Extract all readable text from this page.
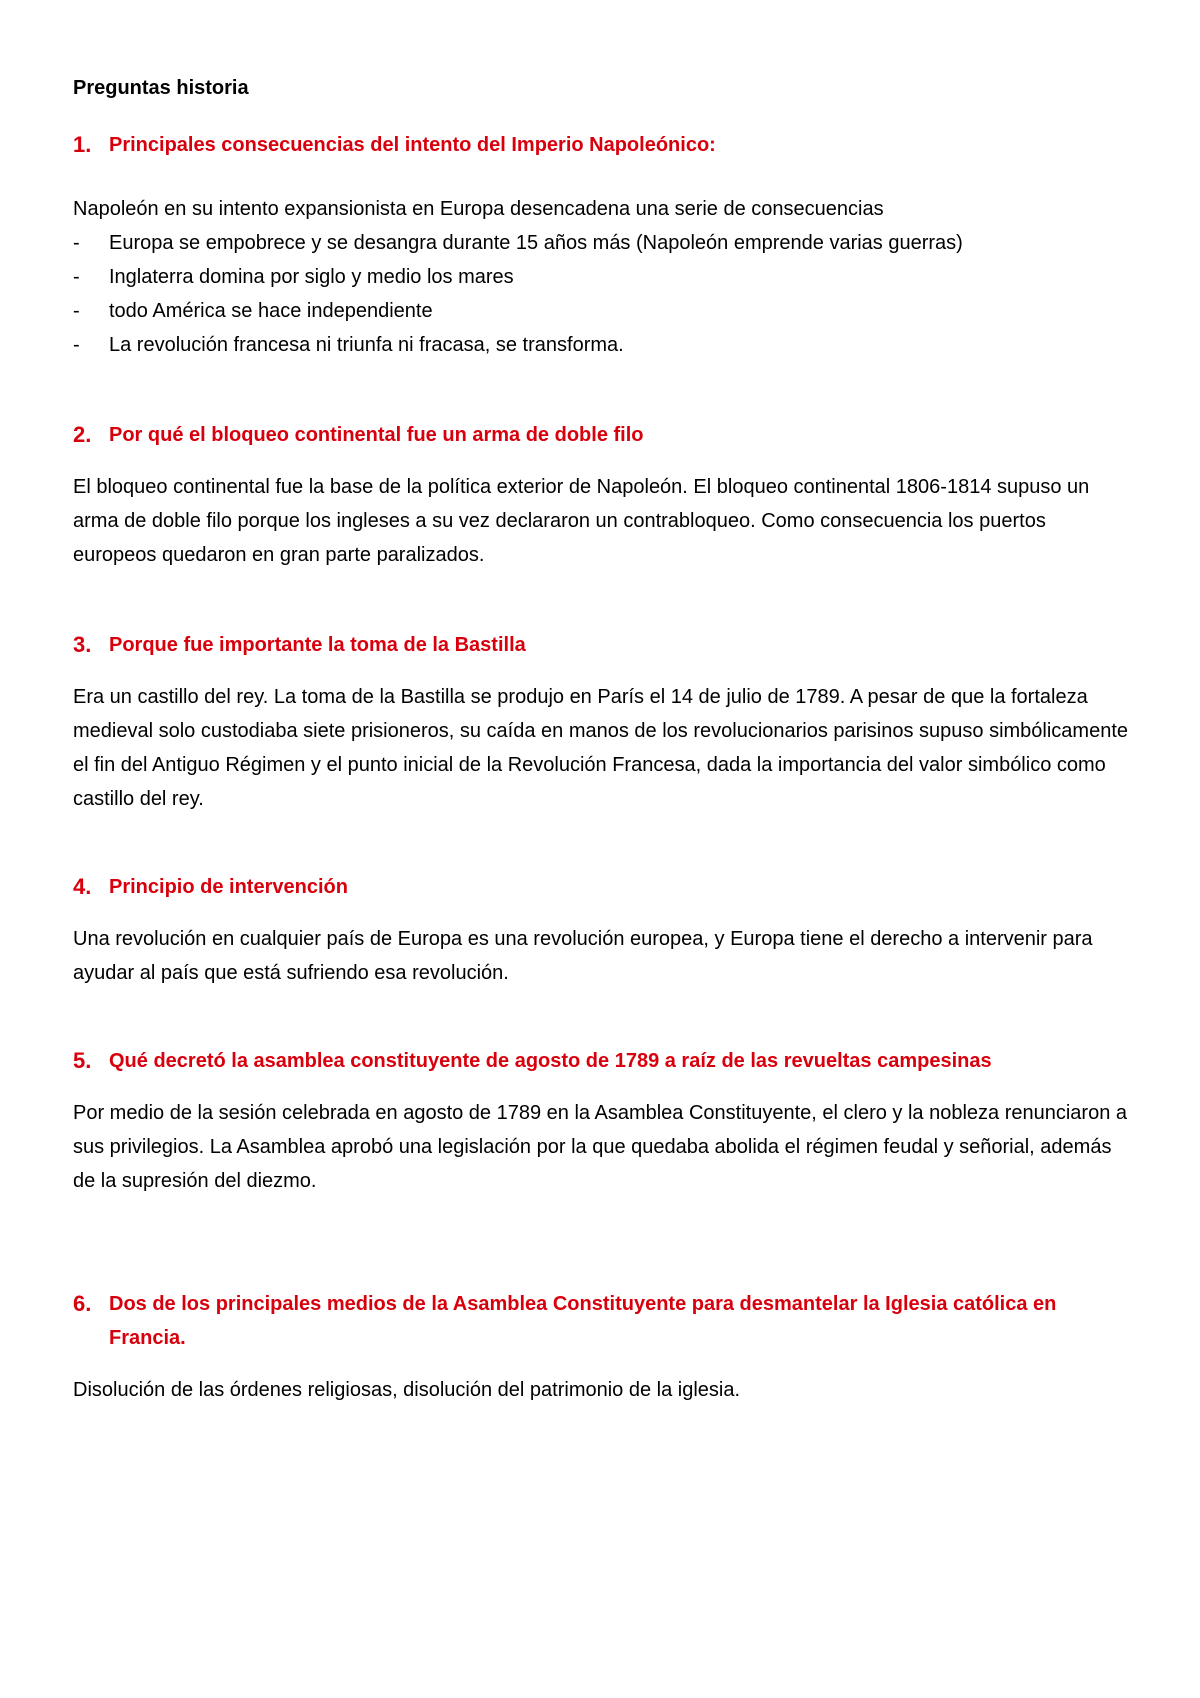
Preguntas historia

1. Principales consecuencias del intento del Imperio Napoleónico:

Napoleón en su intento expansionista en Europa desencadena una serie de consecuencias

-	Europa se empobrece y se desangra durante 15 años más (Napoleón emprende varias guerras)
-	Inglaterra domina por siglo y medio los mares
-	todo América se hace independiente
-	La revolución francesa ni triunfa ni fracasa, se transforma.
2. Por qué el bloqueo continental fue un arma de doble filo

El bloqueo continental fue la base de la política exterior de Napoleón. El bloqueo continental 1806-1814 supuso un arma de doble filo porque los ingleses a su vez declararon un contrabloqueo. Como consecuencia los puertos europeos quedaron en gran parte paralizados.

3. Porque fue importante la toma de la Bastilla

Era un castillo del rey. La toma de la Bastilla se produjo en París el 14 de julio de 1789. A pesar de que la fortaleza medieval solo custodiaba siete prisioneros, su caída en manos de los revolucionarios parisinos supuso simbólicamente el fin del Antiguo Régimen y el punto inicial de la Revolución Francesa, dada la importancia del valor simbólico como castillo del rey.

4. Principio de intervención

Una revolución en cualquier país de Europa es una revolución europea, y Europa tiene el derecho a intervenir para ayudar al país que está sufriendo esa revolución.

5. Qué decretó la asamblea constituyente de agosto de 1789 a raíz de las revueltas campesinas

Por medio de la sesión celebrada en agosto de 1789 en la Asamblea Constituyente, el clero y la nobleza renunciaron a sus privilegios. La Asamblea aprobó una legislación por la que quedaba abolida el régimen feudal y señorial, además de la supresión del diezmo.

6. Dos de los principales medios de la Asamblea Constituyente para desmantelar la Iglesia católica en Francia.

Disolución de las órdenes religiosas, disolución del patrimonio de la iglesia.
